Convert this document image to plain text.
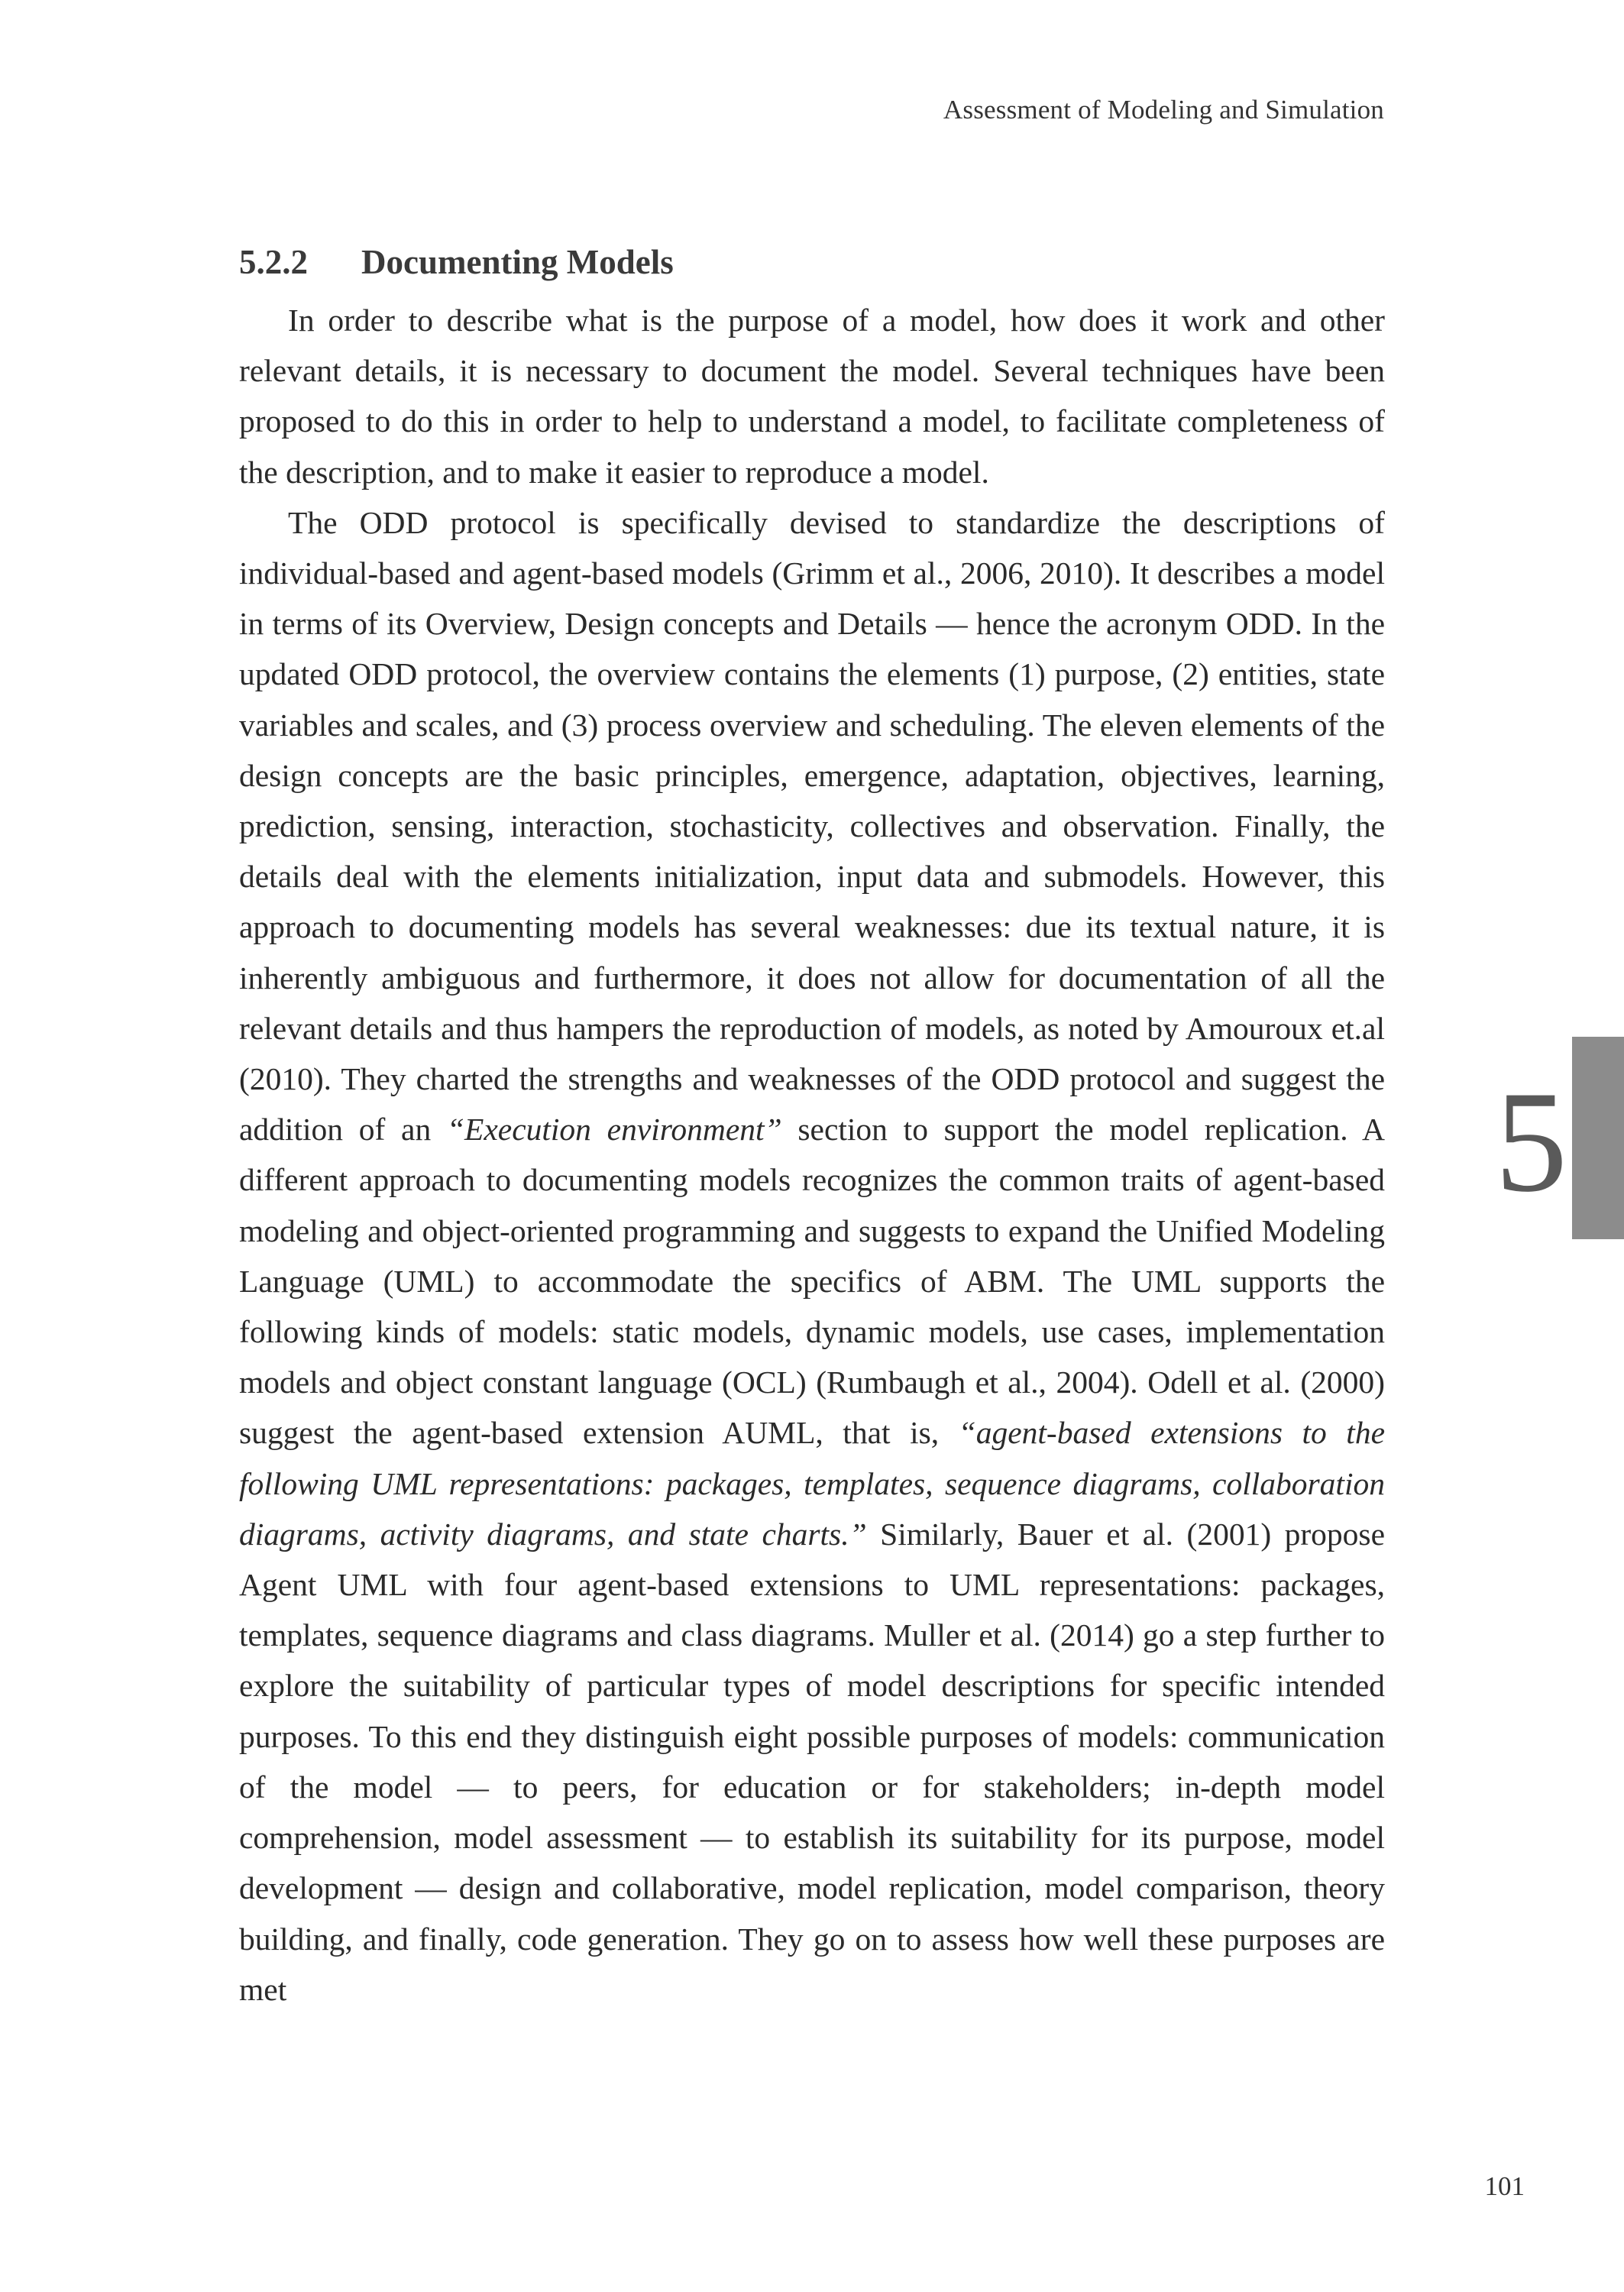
Assessment of Modeling and Simulation
5.2.2 Documenting Models

In order to describe what is the purpose of a model, how does it work and other relevant details, it is necessary to document the model. Several techniques have been proposed to do this in order to help to understand a model, to facilitate completeness of the description, and to make it easier to reproduce a model.

The ODD protocol is specifically devised to standardize the descriptions of individual-based and agent-based models (Grimm et al., 2006, 2010). It describes a model in terms of its Overview, Design concepts and Details — hence the acronym ODD. In the updated ODD protocol, the overview contains the elements (1) purpose, (2) entities, state variables and scales, and (3) process overview and scheduling. The eleven elements of the design concepts are the basic principles, emergence, adaptation, objectives, learning, prediction, sensing, interaction, stochasticity, collectives and observation. Finally, the details deal with the elements initialization, input data and submodels. However, this approach to documenting models has several weaknesses: due its textual nature, it is inherently ambiguous and furthermore, it does not allow for documentation of all the relevant details and thus hampers the reproduction of models, as noted by Amouroux et.al (2010). They charted the strengths and weaknesses of the ODD protocol and suggest the addition of an “Execution environment” section to support the model replication. A different approach to documenting models recognizes the common traits of agent-based modeling and object-oriented programming and suggests to expand the Unified Modeling Language (UML) to accommodate the specifics of ABM. The UML supports the following kinds of models: static models, dynamic models, use cases, implementation models and object constant language (OCL) (Rumbaugh et al., 2004). Odell et al. (2000) suggest the agent-based extension AUML, that is, “agent-based extensions to the following UML representations: packages, templates, sequence diagrams, collaboration diagrams, activity diagrams, and state charts.” Similarly, Bauer et al. (2001) propose Agent UML with four agent-based extensions to UML representations: packages, templates, sequence diagrams and class diagrams. Muller et al. (2014) go a step further to explore the suitability of particular types of model descriptions for specific intended purposes. To this end they distinguish eight possible purposes of models: communication of the model — to peers, for education or for stakeholders; in-depth model comprehension, model assessment — to establish its suitability for its purpose, model development — design and collaborative, model replication, model comparison, theory building, and finally, code generation. They go on to assess how well these purposes are met

5
101
